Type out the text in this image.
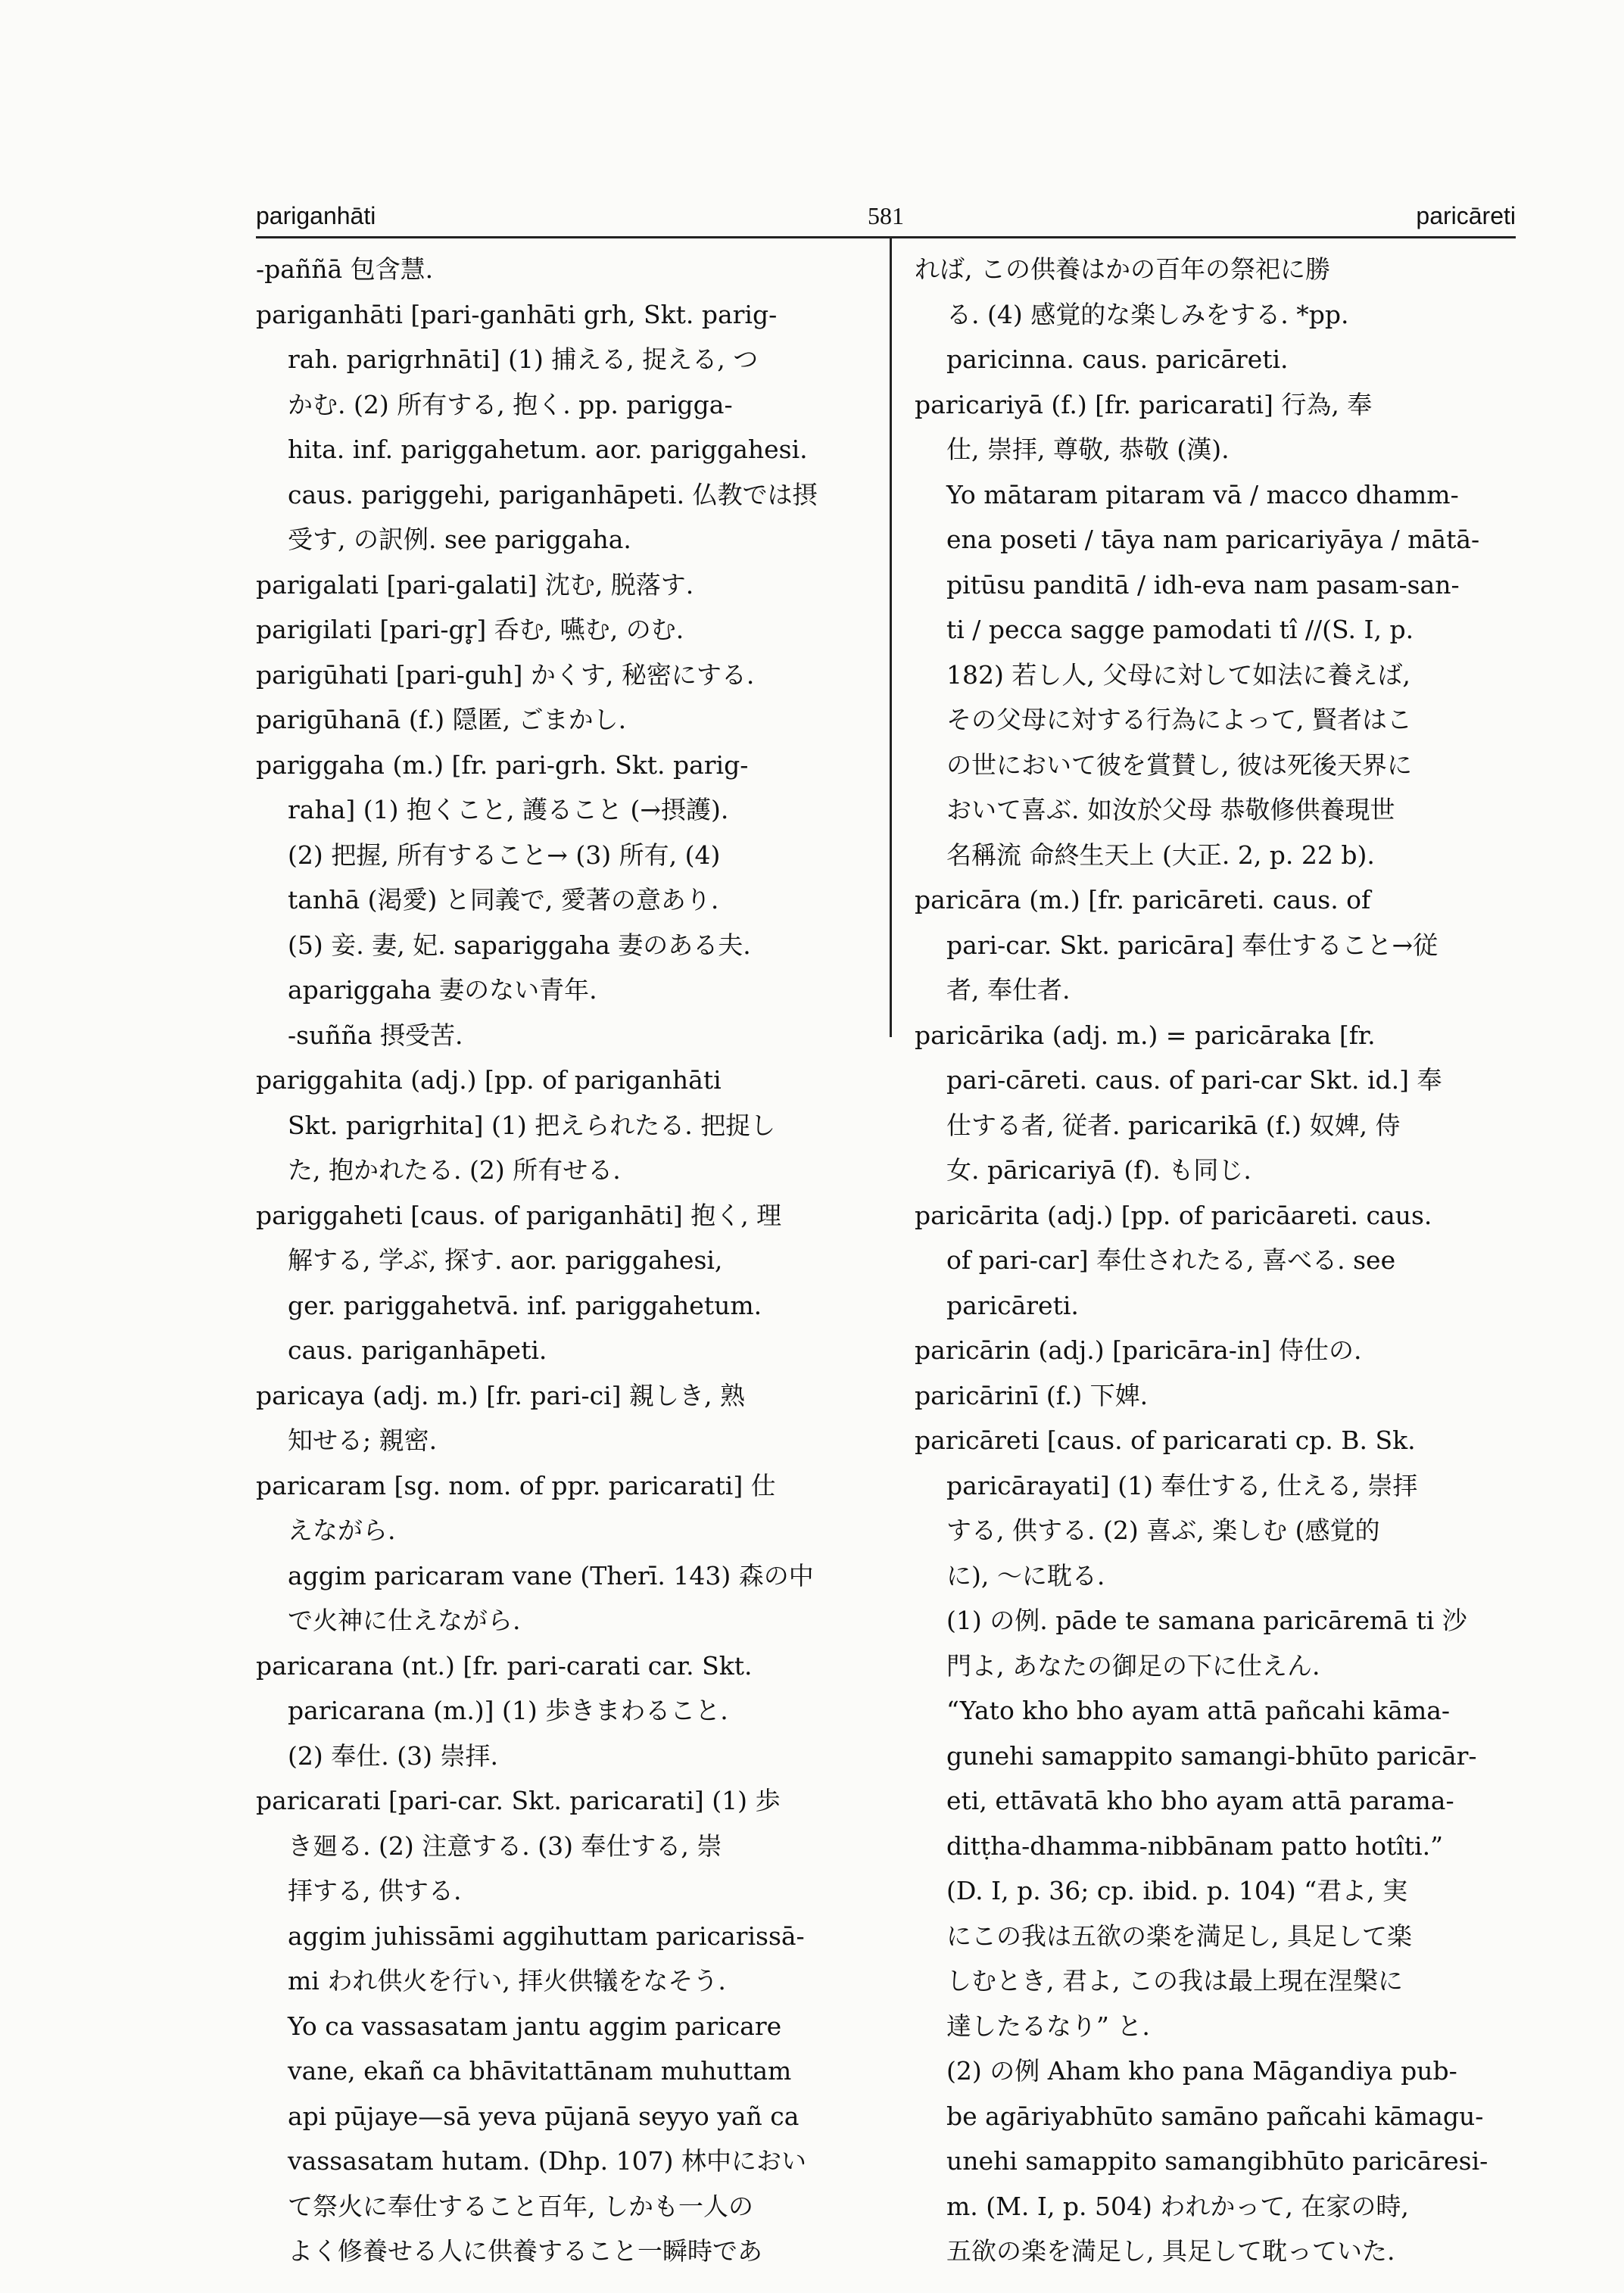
pariganhāti	581	paricāreti
-paññā 包含慧.
pariganhāti [pari-ganhāti grh, Skt. parig-
rah. parigrhnāti] (1) 捕える, 捉える, つ
かむ. (2) 所有する, 抱く. pp. parigga-
hita. inf. pariggahetum. aor. pariggahesi.
caus. pariggehi, pariganhāpeti. 仏教では摂
受す, の訳例. see pariggaha.
parigalati [pari-galati] 沈む, 脱落す.
parigilati [pari-gr̥] 呑む, 嚥む, のむ.
parigūhati [pari-guh] かくす, 秘密にする.
parigūhanā (f.) 隠匿, ごまかし.
pariggaha (m.) [fr. pari-grh. Skt. parig-
raha] (1) 抱くこと, 護ること (→摂護).
(2) 把握, 所有すること→ (3) 所有, (4)
tanhā (渇愛) と同義で, 愛著の意あり.
(5) 妾. 妻, 妃. sapariggaha 妻のある夫.
apariggaha 妻のない青年.
-suñña 摂受苦.
pariggahita (adj.) [pp. of pariganhāti
Skt. parigrhita] (1) 把えられたる. 把捉し
た, 抱かれたる. (2) 所有せる.
pariggaheti [caus. of pariganhāti] 抱く, 理
解する, 学ぶ, 探す. aor. pariggahesi,
ger. pariggahetvā. inf. pariggahetum.
caus. pariganhāpeti.
paricaya (adj. m.) [fr. pari-ci] 親しき, 熟
知せる; 親密.
paricaram [sg. nom. of ppr. paricarati] 仕
えながら.
aggim paricaram vane (Therī. 143) 森の中
で火神に仕えながら.
paricarana (nt.) [fr. pari-carati car. Skt.
paricarana (m.)] (1) 歩きまわること.
(2) 奉仕. (3) 崇拝.
paricarati [pari-car. Skt. paricarati] (1) 歩
き廻る. (2) 注意する. (3) 奉仕する, 崇
拝する, 供する.
aggim juhissāmi aggihuttam paricarissā-
mi われ供火を行い, 拝火供犠をなそう.
Yo ca vassasatam jantu aggim paricare
vane, ekañ ca bhāvitattānam muhuttam
api pūjaye—sā yeva pūjanā seyyo yañ ca
vassasatam hutam. (Dhp. 107) 林中におい
て祭火に奉仕すること百年, しかも一人の
よく修養せる人に供養すること一瞬時であ
れば, この供養はかの百年の祭祀に勝
る. (4) 感覚的な楽しみをする. *pp.
paricinna. caus. paricāreti.
paricariyā (f.) [fr. paricarati] 行為, 奉
仕, 崇拝, 尊敬, 恭敬 (漢).
Yo mātaram pitaram vā / macco dhamm-
ena poseti / tāya nam paricariyāya / mātā-
pitūsu panditā / idh-eva nam pasam-san-
ti / pecca sagge pamodati tî //(S. I, p.
182) 若し人, 父母に対して如法に養えば,
その父母に対する行為によって, 賢者はこ
の世において彼を賞賛し, 彼は死後天界に
おいて喜ぶ. 如汝於父母 恭敬修供養現世
名稱流 命終生天上 (大正. 2, p. 22 b).
paricāra (m.) [fr. paricāreti. caus. of
pari-car. Skt. paricāra] 奉仕すること→従
者, 奉仕者.
paricārika (adj. m.) = paricāraka [fr.
pari-cāreti. caus. of pari-car Skt. id.] 奉
仕する者, 従者. paricarikā (f.) 奴婢, 侍
女. pāricariyā (f). も同じ.
paricārita (adj.) [pp. of paricāareti. caus.
of pari-car] 奉仕されたる, 喜べる. see
paricāreti.
paricārin (adj.) [paricāra-in] 侍仕の.
paricārinī (f.) 下婢.
paricāreti [caus. of paricarati cp. B. Sk.
paricārayati] (1) 奉仕する, 仕える, 崇拝
する, 供する. (2) 喜ぶ, 楽しむ (感覚的
に), 〜に耽る.
(1) の例. pāde te samana paricāremā ti 沙
門よ, あなたの御足の下に仕えん.
“Yato kho bho ayam attā pañcahi kāma-
gunehi samappito samangi-bhūto paricār-
eti, ettāvatā kho bho ayam attā parama-
ditṭha-dhamma-nibbānam patto hotîti.”
(D. I, p. 36; cp. ibid. p. 104) “君よ, 実
にこの我は五欲の楽を満足し, 具足して楽
しむとき, 君よ, この我は最上現在涅槃に
達したるなり” と.
(2) の例 Aham kho pana Māgandiya pub-
be agāriyabhūto samāno pañcahi kāmagu-
unehi samappito samangibhūto paricāresi-
m. (M. I, p. 504) われかって, 在家の時,
五欲の楽を満足し, 具足して耽っていた.
